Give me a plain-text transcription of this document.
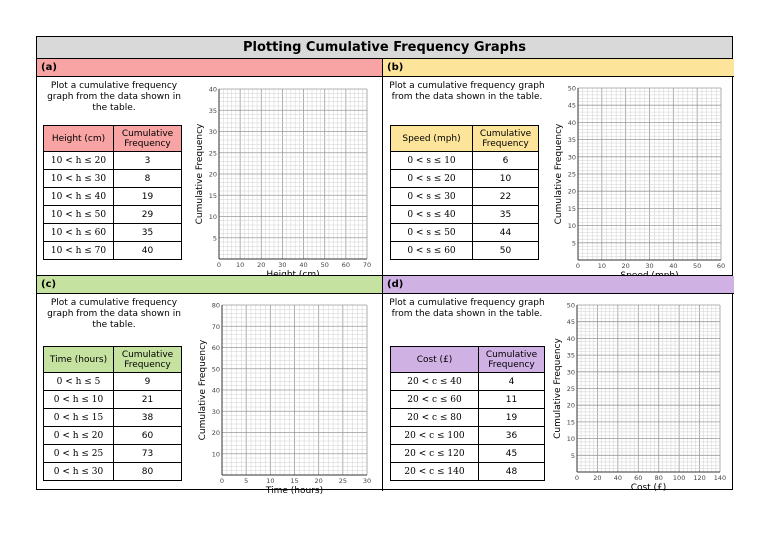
Plotting Cumulative Frequency Graphs
(a)
Plot a cumulative frequency graph from the data shown in the table.
Height (cm)	Cumulative Frequency
10 < h ≤ 20	3
10 < h ≤ 30	8
10 < h ≤ 40	19
10 < h ≤ 50	29
10 < h ≤ 60	35
10 < h ≤ 70	40
0 10 20 30 40 50 60 70
5
10
15
20
25
30
35
40
Cumulative Frequency
(b)
Plot a cumulative frequency graph from the data shown in the table.
Speed (mph)	Cumulative Frequency
0 < s ≤ 10	6
0 < s ≤ 20	10
0 < s ≤ 30	22
0 < s ≤ 40	35
0 < s ≤ 50	44
0 < s ≤ 60	50
0	10 20 30 40 50 60
5
10
15
20
25
30
35
40
45
50
Cumulative Frequency
(c)
Plot a cumulative frequency graph from the data shown in the table.
Time (hours)	Cumulative Frequency
0 < h ≤ 5	9
0 < h ≤ 10	21
0 < h ≤ 15	38
0 < h ≤ 20	60
0 < h ≤ 25	73
0 < h ≤ 30	80
0	5	10 15 20 25 30
10
20
30
40
50
60
70
80
Time (hours)
Cumulative Frequency
(d)
Plot a cumulative frequency graph from the data shown in the table.
Cost (£)	Cumulative Frequency
20 < c ≤ 40	4
20 < c ≤ 60	11
20 < c ≤ 80	19
20 < c ≤ 100	36
20 < c ≤ 120	45
20 < c ≤ 140	48
0 20 40 60 80 100 120 140
5
10
15
20
25
30
35
40
45
50
Cost (£)
Cumulative Frequency
